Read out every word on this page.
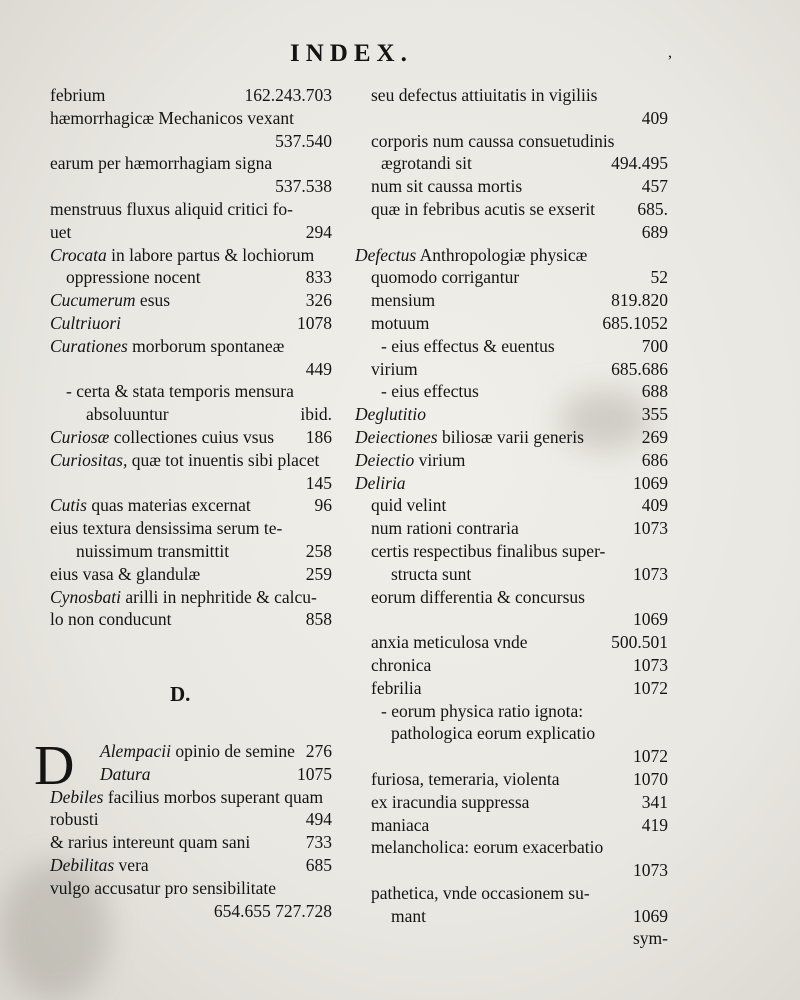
INDEX.	,
febrium	162.243.703
hæmorrhagicæ Mechanicos vexant
537.540
earum per hæmorrhagiam signa
537.538
menstruus fluxus aliquid critici fo-
uet	294
Crocata in labore partus & lochiorum
oppressione nocent	833
Cucumerum esus	326
Cultriuori	1078
Curationes morborum spontaneæ
449
- certa & stata temporis mensura
absoluuntur	ibid.
Curiosæ collectiones cuius vsus 186
Curiositas, quæ tot inuentis sibi placet
145
Cutis quas materias excernat	96
eius textura densissima serum te-
nuissimum transmittit	258
eius vasa & glandulæ	259
Cynosbati arilli in nephritide & calcu-
lo non conducunt	858
D.
D Alempacii opinio de semine 276
Datura	1075
Debiles facilius morbos superant quam
robusti	494
& rarius intereunt quam sani	733
Debilitas vera	685
vulgo accusatur pro sensibilitate
654.655 727.728
seu defectus attiuitatis in vigiliis
409
corporis num caussa consuetudinis
ægrotandi sit	494.495
num sit caussa mortis	457
quæ in febribus acutis se exserit 685.
689
Defectus Anthropologiæ physicæ
quomodo corrigantur	52
mensium	819.820
motuum	685.1052
- eius effectus & euentus	700
virium	685.686
- eius effectus	688
Deglutitio	355
Deiectiones biliosæ varii generis	269
Deiectio virium	686
Deliria	1069
quid velint	409
num rationi contraria	1073
certis respectibus finalibus super-
structa sunt	1073
eorum differentia & concursus
1069
anxia meticulosa vnde	500.501
chronica	1073
febrilia	1072
- eorum physica ratio ignota:
pathologica eorum explicatio
1072
furiosa, temeraria, violenta	1070
ex iracundia suppressa	341
maniaca	419
melancholica: eorum exacerbatio
1073
pathetica, vnde occasionem su-
mant	1069
sym-
